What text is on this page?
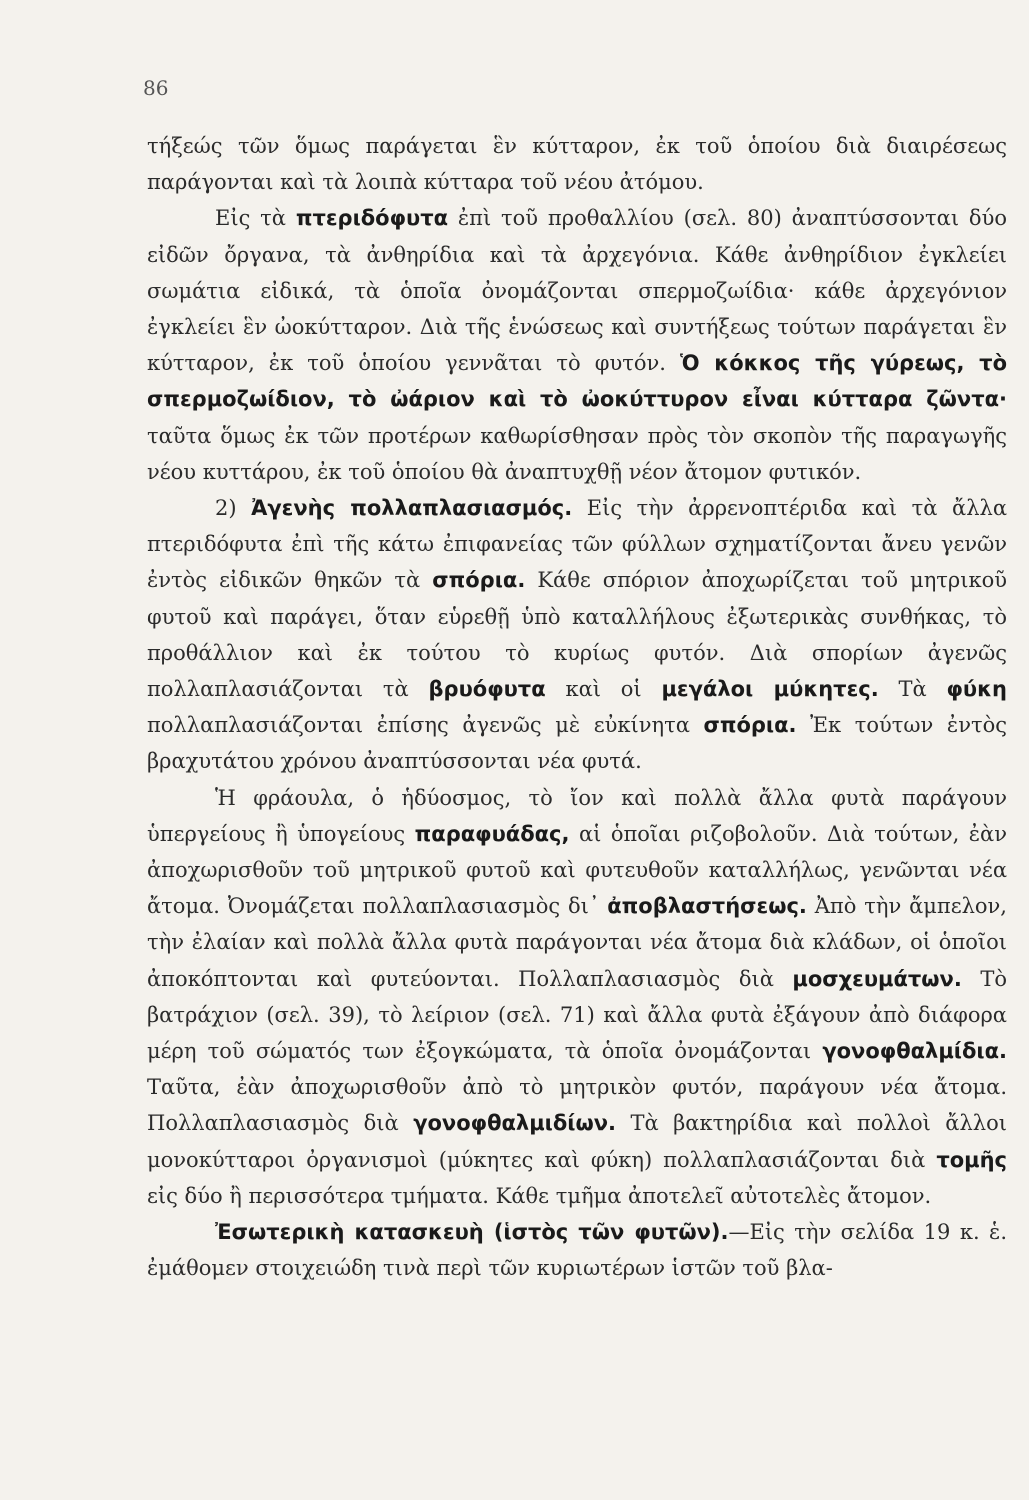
86

τήξεώς τῶν ὅμως παράγεται ἓν κύτταρον, ἐκ τοῦ ὁποίου διὰ διαιρέσεως παράγονται καὶ τὰ λοιπὰ κύτταρα τοῦ νέου ἀτόμου.

Εἰς τὰ πτεριδόφυτα ἐπὶ τοῦ προθαλλίου (σελ. 80) ἀναπτύσσονται δύο εἰδῶν ὄργανα, τὰ ἀνθηρίδια καὶ τὰ ἀρχεγόνια. Κάθε ἀνθηρίδιον ἐγκλείει σωμάτια εἰδικά, τὰ ὁποῖα ὀνομάζονται σπερμοζωίδια· κάθε ἀρχεγόνιον ἐγκλείει ἓν ὠοκύτταρον. Διὰ τῆς ἑνώσεως καὶ συντήξεως τούτων παράγεται ἓν κύτταρον, ἐκ τοῦ ὁποίου γεννᾶται τὸ φυτόν. Ὁ κόκκος τῆς γύρεως, τὸ σπερμοζωίδιον, τὸ ὠάριον καὶ τὸ ὠοκύττυρον εἶναι κύτταρα ζῶντα· ταῦτα ὅμως ἐκ τῶν προτέρων καθωρίσθησαν πρὸς τὸν σκοπὸν τῆς παραγωγῆς νέου κυττάρου, ἐκ τοῦ ὁποίου θὰ ἀναπτυχθῇ νέον ἄτομον φυτικόν.

2) Ἀγενὴς πολλαπλασιασμός. Εἰς τὴν ἀρρενοπτέριδα καὶ τὰ ἄλλα πτεριδόφυτα ἐπὶ τῆς κάτω ἐπιφανείας τῶν φύλλων σχηματίζονται ἄνευ γενῶν ἐντὸς εἰδικῶν θηκῶν τὰ σπόρια. Κάθε σπόριον ἀποχωρίζεται τοῦ μητρικοῦ φυτοῦ καὶ παράγει, ὅταν εὑρεθῇ ὑπὸ καταλλήλους ἐξωτερικὰς συνθήκας, τὸ προθάλλιον καὶ ἐκ τούτου τὸ κυρίως φυτόν. Διὰ σπορίων ἀγενῶς πολλαπλασιάζονται τὰ βρυόφυτα καὶ οἱ μεγάλοι μύκητες. Τὰ φύκη πολλαπλασιάζονται ἐπίσης ἀγενῶς μὲ εὐκίνητα σπόρια. Ἐκ τούτων ἐντὸς βραχυτάτου χρόνου ἀναπτύσσονται νέα φυτά.

Ἡ φράουλα, ὁ ἡδύοσμος, τὸ ἴον καὶ πολλὰ ἄλλα φυτὰ παράγουν ὑπεργείους ἢ ὑπογείους παραφυάδας, αἱ ὁποῖαι ριζοβολοῦν. Διὰ τούτων, ἐὰν ἀποχωρισθοῦν τοῦ μητρικοῦ φυτοῦ καὶ φυτευθοῦν καταλλήλως, γενῶνται νέα ἄτομα. Ὀνομάζεται πολλαπλασιασμὸς δι᾿ ἀποβλαστήσεως. Ἀπὸ τὴν ἄμπελον, τὴν ἐλαίαν καὶ πολλὰ ἄλλα φυτὰ παράγονται νέα ἄτομα διὰ κλάδων, οἱ ὁποῖοι ἀποκόπτονται καὶ φυτεύονται. Πολλαπλασιασμὸς διὰ μοσχευμάτων. Τὸ βατράχιον (σελ. 39), τὸ λείριον (σελ. 71) καὶ ἄλλα φυτὰ ἐξάγουν ἀπὸ διάφορα μέρη τοῦ σώματός των ἐξογκώματα, τὰ ὁποῖα ὀνομάζονται γονοφθαλμίδια. Ταῦτα, ἐὰν ἀποχωρισθοῦν ἀπὸ τὸ μητρικὸν φυτόν, παράγουν νέα ἄτομα. Πολλαπλασιασμὸς διὰ γονοφθαλμιδίων. Τὰ βακτηρίδια καὶ πολλοὶ ἄλλοι μονοκύτταροι ὀργανισμοὶ (μύκητες καὶ φύκη) πολλαπλασιάζονται διὰ τομῆς εἰς δύο ἢ περισσότερα τμήματα. Κάθε τμῆμα ἀποτελεῖ αὐτοτελὲς ἄτομον.

Ἐσωτερικὴ κατασκευὴ (ἱστὸς τῶν φυτῶν).—Εἰς τὴν σελίδα 19 κ. ἑ. ἐμάθομεν στοιχειώδη τινὰ περὶ τῶν κυριωτέρων ἱστῶν τοῦ βλα-
